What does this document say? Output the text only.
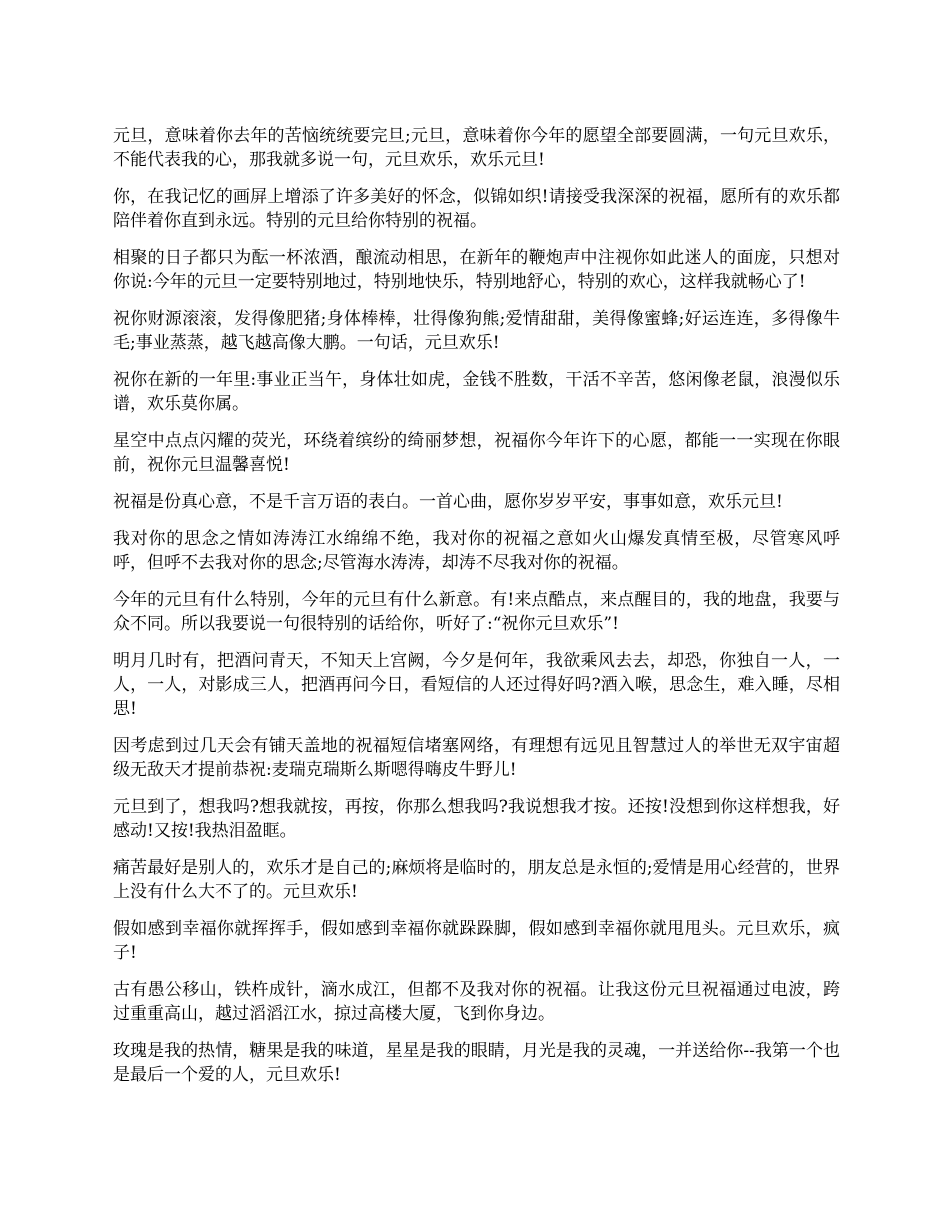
元旦，意味着你去年的苦恼统统要完旦;元旦，意味着你今年的愿望全部要圆满，一句元旦欢乐，不能代表我的心，那我就多说一句，元旦欢乐，欢乐元旦!

你，在我记忆的画屏上增添了许多美好的怀念，似锦如织!请接受我深深的祝福，愿所有的欢乐都陪伴着你直到永远。特别的元旦给你特别的祝福。

相聚的日子都只为酝一杯浓酒，酿流动相思，在新年的鞭炮声中注视你如此迷人的面庞，只想对你说:今年的元旦一定要特别地过，特别地快乐，特别地舒心，特别的欢心，这样我就畅心了!

祝你财源滚滚，发得像肥猪;身体棒棒，壮得像狗熊;爱情甜甜，美得像蜜蜂;好运连连，多得像牛毛;事业蒸蒸，越飞越高像大鹏。一句话，元旦欢乐!

祝你在新的一年里:事业正当午，身体壮如虎，金钱不胜数，干活不辛苦，悠闲像老鼠，浪漫似乐谱，欢乐莫你属。

星空中点点闪耀的荧光，环绕着缤纷的绮丽梦想，祝福你今年许下的心愿，都能一一实现在你眼前，祝你元旦温馨喜悦!

祝福是份真心意，不是千言万语的表白。一首心曲，愿你岁岁平安，事事如意，欢乐元旦!

我对你的思念之情如涛涛江水绵绵不绝，我对你的祝福之意如火山爆发真情至极，尽管寒风呼呼，但呼不去我对你的思念;尽管海水涛涛，却涛不尽我对你的祝福。

今年的元旦有什么特别，今年的元旦有什么新意。有!来点酷点，来点醒目的，我的地盘，我要与众不同。所以我要说一句很特别的话给你，听好了:“祝你元旦欢乐”!

明月几时有，把酒问青天，不知天上宫阙，今夕是何年，我欲乘风去去，却恐，你独自一人，一人，一人，对影成三人，把酒再问今日，看短信的人还过得好吗?酒入喉，思念生，难入睡，尽相思!

因考虑到过几天会有铺天盖地的祝福短信堵塞网络，有理想有远见且智慧过人的举世无双宇宙超级无敌天才提前恭祝:麦瑞克瑞斯么斯嗯得嗨皮牛野儿!

元旦到了，想我吗?想我就按，再按，你那么想我吗?我说想我才按。还按!没想到你这样想我，好感动!又按!我热泪盈眶。

痛苦最好是别人的，欢乐才是自己的;麻烦将是临时的，朋友总是永恒的;爱情是用心经营的，世界上没有什么大不了的。元旦欢乐!

假如感到幸福你就挥挥手，假如感到幸福你就跺跺脚，假如感到幸福你就甩甩头。元旦欢乐，疯子!

古有愚公移山，铁杵成针，滴水成江，但都不及我对你的祝福。让我这份元旦祝福通过电波，跨过重重高山，越过滔滔江水，掠过高楼大厦，飞到你身边。

玫瑰是我的热情，糖果是我的味道，星星是我的眼睛，月光是我的灵魂，一并送给你--我第一个也是最后一个爱的人，元旦欢乐!
